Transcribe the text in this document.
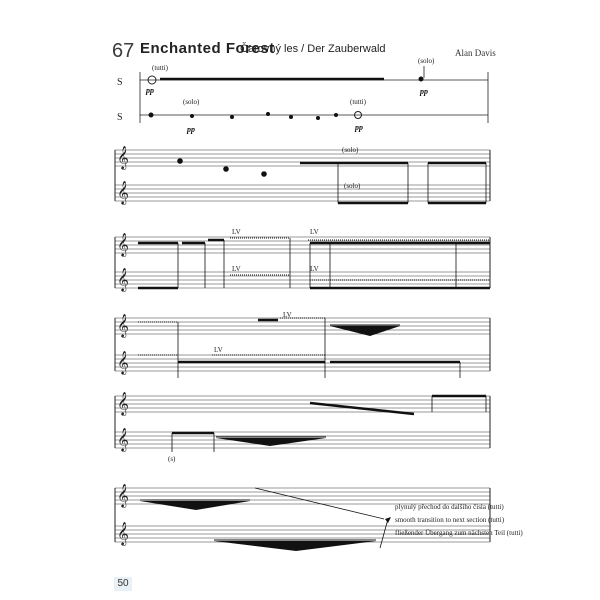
67 Enchanted Forest
Čarovný les / Der Zauberwald	Alan Davis
S
S
(tutti)
pp
(solo)
pp
(solo)
pp
(tutti)
pp
𝄞
𝄞
𝄞
𝄞
𝄞
𝄞
𝄞
𝄞
𝄞
𝄞
(solo)
(solo)
LV	LV
LV	LV
LV
LV
(s)
plynulý přechod do dalšího čísla (tutti)
smooth transition to next section (tutti)
fließender Übergang zum nächsten Teil (tutti)
50
